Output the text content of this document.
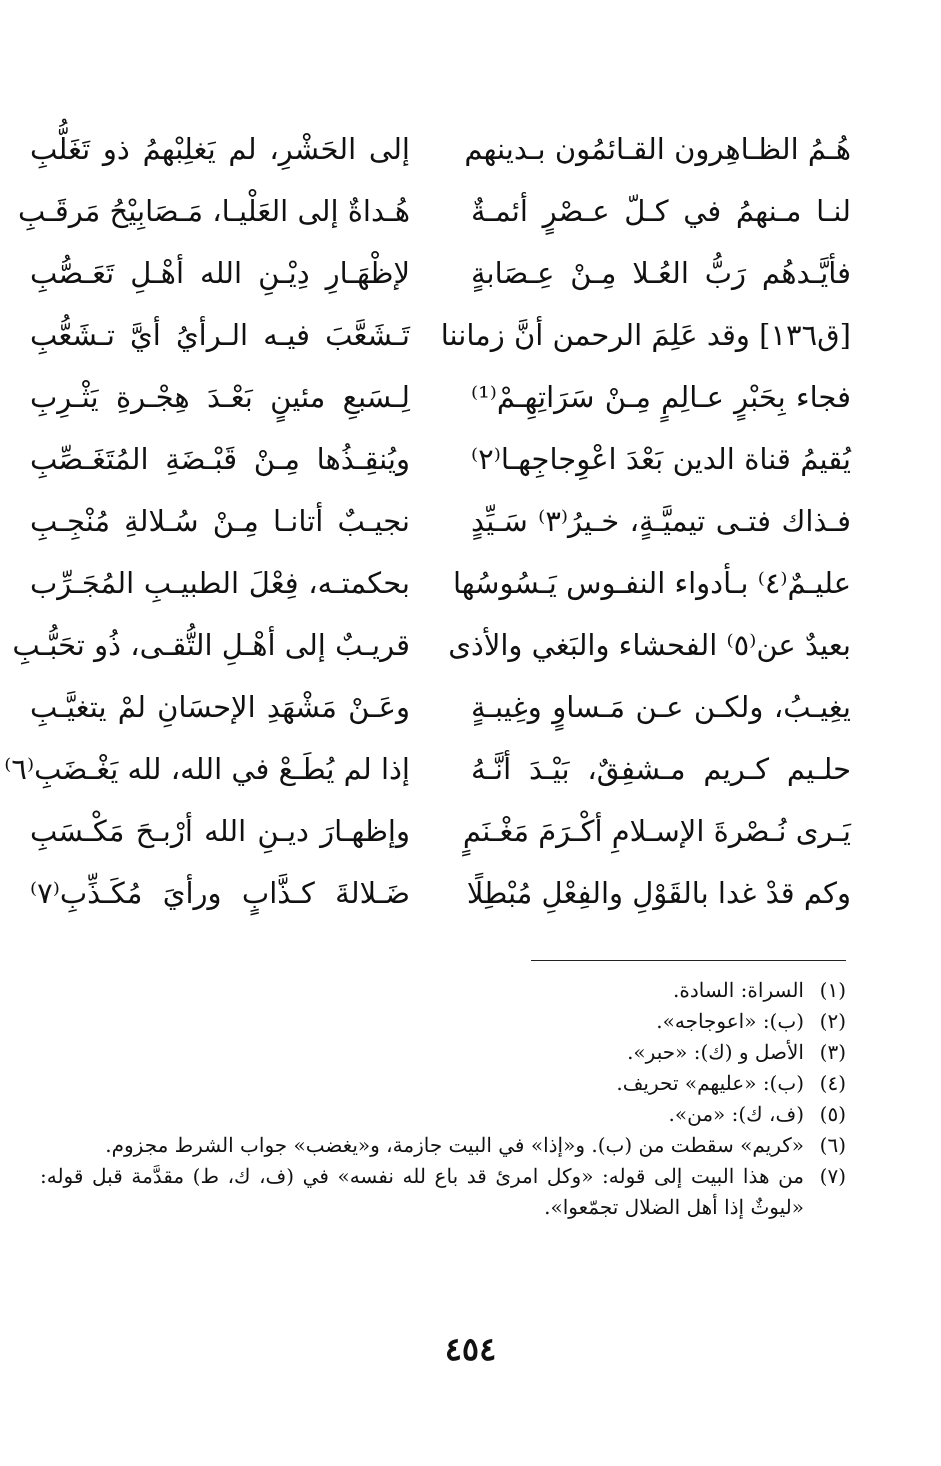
هُـمُ الظـاهِرون القـائمُون بـدينهم
إلى الحَشْرِ، لم يَغلِبْهمُ ذو تَغَلُّبِ
لنـا مـنهمُ في كـلّ عـصْرٍ أئمـةٌ
هُـداةٌ إلى العَلْيـا، مَـصَابِيْحُ مَرقَـبِ
فأيَّـدهُم رَبُّ العُـلا مِـنْ عِـصَابةٍ
لإظْهَـارِ دِيْـنِ الله أهْـلِ تَعَـصُّبِ
[ق١٣٦] وقد عَلِمَ الرحمن أنَّ زماننا
تَـشَعَّبَ فيـه الـرأيُ أيَّ تـشَعُّبِ
فجاء بِحَبْرٍ عـالِمٍ مِـنْ سَرَاتِهِـمْ⁽¹⁾
لِـسَبعِ مئينٍ بَعْـدَ هِجْـرةِ يَثْـرِبِ
يُقيمُ قناة الدين بَعْدَ اعْوِجاجِهـا⁽٢⁾
ويُنقِـذُها مِـنْ قَبْـضَةِ المُتَغَـصِّبِ
فـذاك فتـى تيميَّـةٍ، خـيرُ⁽٣⁾ سَـيِّدٍ
نجيـبٌ أتانـا مِـنْ سُـلالةِ مُنْجِـبِ
عليـمٌ⁽٤⁾ بـأدواء النفـوس يَـسُوسُها
بحكمتـه، فِعْلَ الطبيـبِ المُجَـرِّب
بعيدٌ عن⁽٥⁾ الفحشاء والبَغي والأذى
قريـبٌ إلى أهْـلِ التُّقـى، ذُو تحَبُّـبِ
يغِيـبُ، ولكـن عـن مَـساوٍ وغِيبـةٍ
وعَـنْ مَشْهَدِ الإحسَانِ لمْ يتغيَّـبِ
حلـيم كـريم مـشفِقٌ، بَيْـدَ أنَّـهُ
إذا لم يُطَـعْ في الله، لله يَغْـضَبِ⁽٦⁾
يَـرى نُـصْرةَ الإسـلامِ أكْـرَمَ مَغْـنَمٍ
وإظهـارَ ديـنِ الله أرْبـحَ مَكْـسَبِ
وكم قدْ غدا بالقَوْلِ والفِعْلِ مُبْطِلًا
ضَـلالةَ كـذَّابٍ ورأيَ مُكَـذِّبِ⁽٧⁾
(١)
السراة: السادة.
(٢)
(ب): «اعوجاجه».
(٣)
الأصل و (ك): «حبر».
(٤)
(ب): «عليهم» تحريف.
(٥)
(ف، ك): «من».
(٦)
«كريم» سقطت من (ب). و«إذا» في البيت جازمة، و«يغضب» جواب الشرط مجزوم.
(٧)
من هذا البيت إلى قوله: «وكل امرئ قد باع لله نفسه» في (ف، ك، ط) مقدَّمة قبل قوله: «ليوثٌ إذا أهل الضلال تجمّعوا».
٤٥٤
